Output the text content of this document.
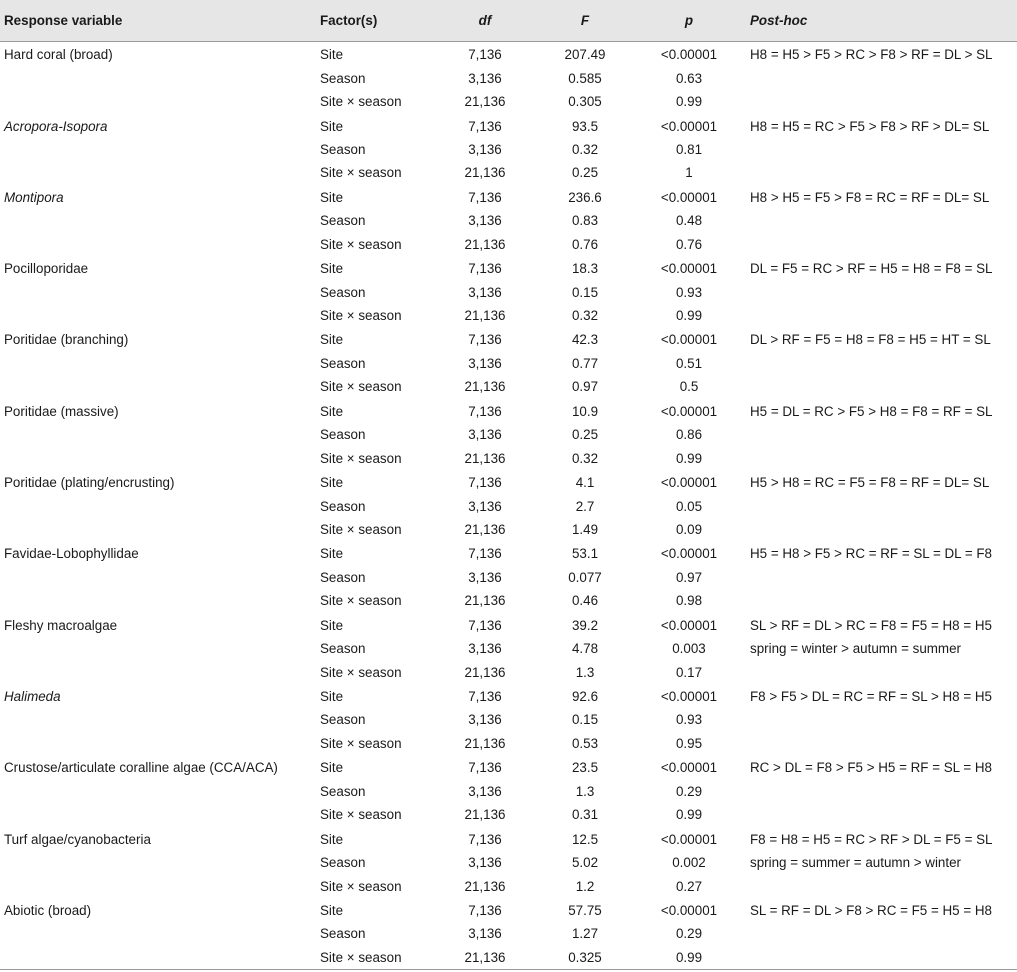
Response variable	Factor(s)	df	F	p	Post-hoc
Hard coral (broad)	Site	7,136	207.49	<0.00001	H8 = H5 > F5 > RC > F8 > RF = DL > SL
	Season	3,136	0.585	0.63	
	Site × season	21,136	0.305	0.99	
Acropora-Isopora	Site	7,136	93.5	<0.00001	H8 = H5 = RC > F5 > F8 > RF > DL= SL
	Season	3,136	0.32	0.81	
	Site × season	21,136	0.25	1	
Montipora	Site	7,136	236.6	<0.00001	H8 > H5 = F5 > F8 = RC = RF = DL= SL
	Season	3,136	0.83	0.48	
	Site × season	21,136	0.76	0.76	
Pocilloporidae	Site	7,136	18.3	<0.00001	DL = F5 = RC > RF = H5 = H8 = F8 = SL
	Season	3,136	0.15	0.93	
	Site × season	21,136	0.32	0.99	
Poritidae (branching)	Site	7,136	42.3	<0.00001	DL > RF = F5 = H8 = F8 = H5 = HT = SL
	Season	3,136	0.77	0.51	
	Site × season	21,136	0.97	0.5	
Poritidae (massive)	Site	7,136	10.9	<0.00001	H5 = DL = RC > F5 > H8 = F8 = RF = SL
	Season	3,136	0.25	0.86	
	Site × season	21,136	0.32	0.99	
Poritidae (plating/encrusting)	Site	7,136	4.1	<0.00001	H5 > H8 = RC = F5 = F8 = RF = DL= SL
	Season	3,136	2.7	0.05	
	Site × season	21,136	1.49	0.09	
Favidae-Lobophyllidae	Site	7,136	53.1	<0.00001	H5 = H8 > F5 > RC = RF = SL = DL = F8
	Season	3,136	0.077	0.97	
	Site × season	21,136	0.46	0.98	
Fleshy macroalgae	Site	7,136	39.2	<0.00001	SL > RF = DL > RC = F8 = F5 = H8 = H5
	Season	3,136	4.78	0.003	spring = winter > autumn = summer
	Site × season	21,136	1.3	0.17	
Halimeda	Site	7,136	92.6	<0.00001	F8 > F5 > DL = RC = RF = SL > H8 = H5
	Season	3,136	0.15	0.93	
	Site × season	21,136	0.53	0.95	
Crustose/articulate coralline algae (CCA/ACA)	Site	7,136	23.5	<0.00001	RC > DL = F8 > F5 > H5 = RF = SL = H8
	Season	3,136	1.3	0.29	
	Site × season	21,136	0.31	0.99	
Turf algae/cyanobacteria	Site	7,136	12.5	<0.00001	F8 = H8 = H5 = RC > RF > DL = F5 = SL
	Season	3,136	5.02	0.002	spring = summer = autumn > winter
	Site × season	21,136	1.2	0.27	
Abiotic (broad)	Site	7,136	57.75	<0.00001	SL = RF = DL > F8 > RC = F5 = H5 = H8
	Season	3,136	1.27	0.29	
	Site × season	21,136	0.325	0.99	
